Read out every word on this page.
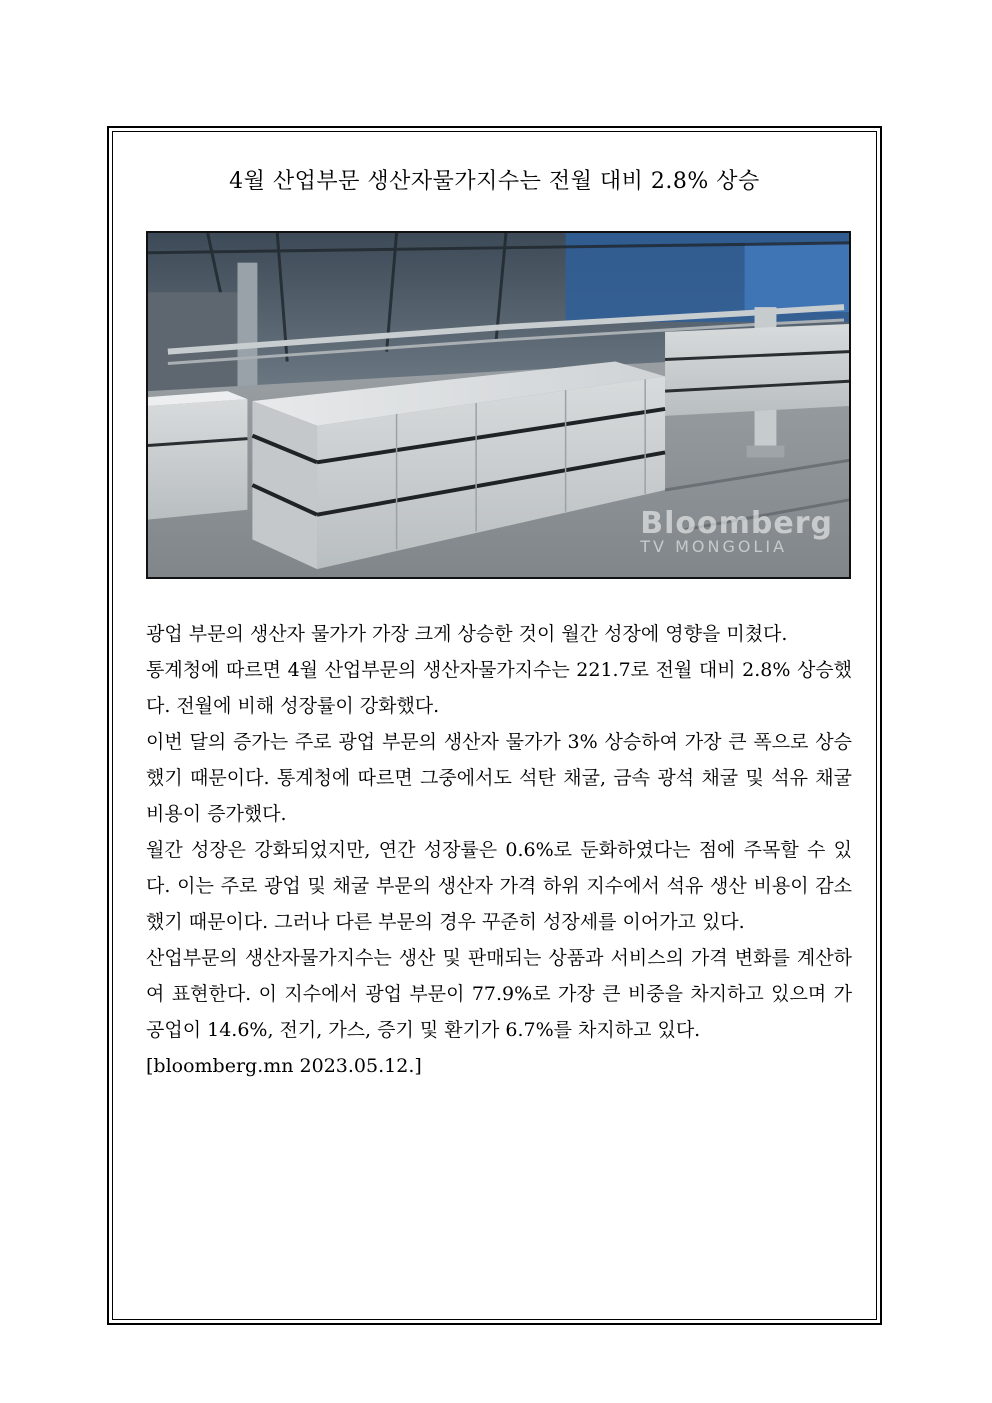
4월 산업부문 생산자물가지수는 전월 대비 2.8% 상승
Bloomberg
TV MONGOLIA

광업 부문의 생산자 물가가 가장 크게 상승한 것이 월간 성장에 영향을 미쳤다.

통계청에 따르면 4월 산업부문의 생산자물가지수는 221.7로 전월 대비 2.8% 상승했다. 전월에 비해 성장률이 강화했다.

이번 달의 증가는 주로 광업 부문의 생산자 물가가 3% 상승하여 가장 큰 폭으로 상승했기 때문이다. 통계청에 따르면 그중에서도 석탄 채굴, 금속 광석 채굴 및 석유 채굴 비용이 증가했다.

월간 성장은 강화되었지만, 연간 성장률은 0.6%로 둔화하였다는 점에 주목할 수 있다. 이는 주로 광업 및 채굴 부문의 생산자 가격 하위 지수에서 석유 생산 비용이 감소했기 때문이다. 그러나 다른 부문의 경우 꾸준히 성장세를 이어가고 있다.

산업부문의 생산자물가지수는 생산 및 판매되는 상품과 서비스의 가격 변화를 계산하여 표현한다. 이 지수에서 광업 부문이 77.9%로 가장 큰 비중을 차지하고 있으며 가공업이 14.6%, 전기, 가스, 증기 및 환기가 6.7%를 차지하고 있다.

[bloomberg.mn 2023.05.12.]
